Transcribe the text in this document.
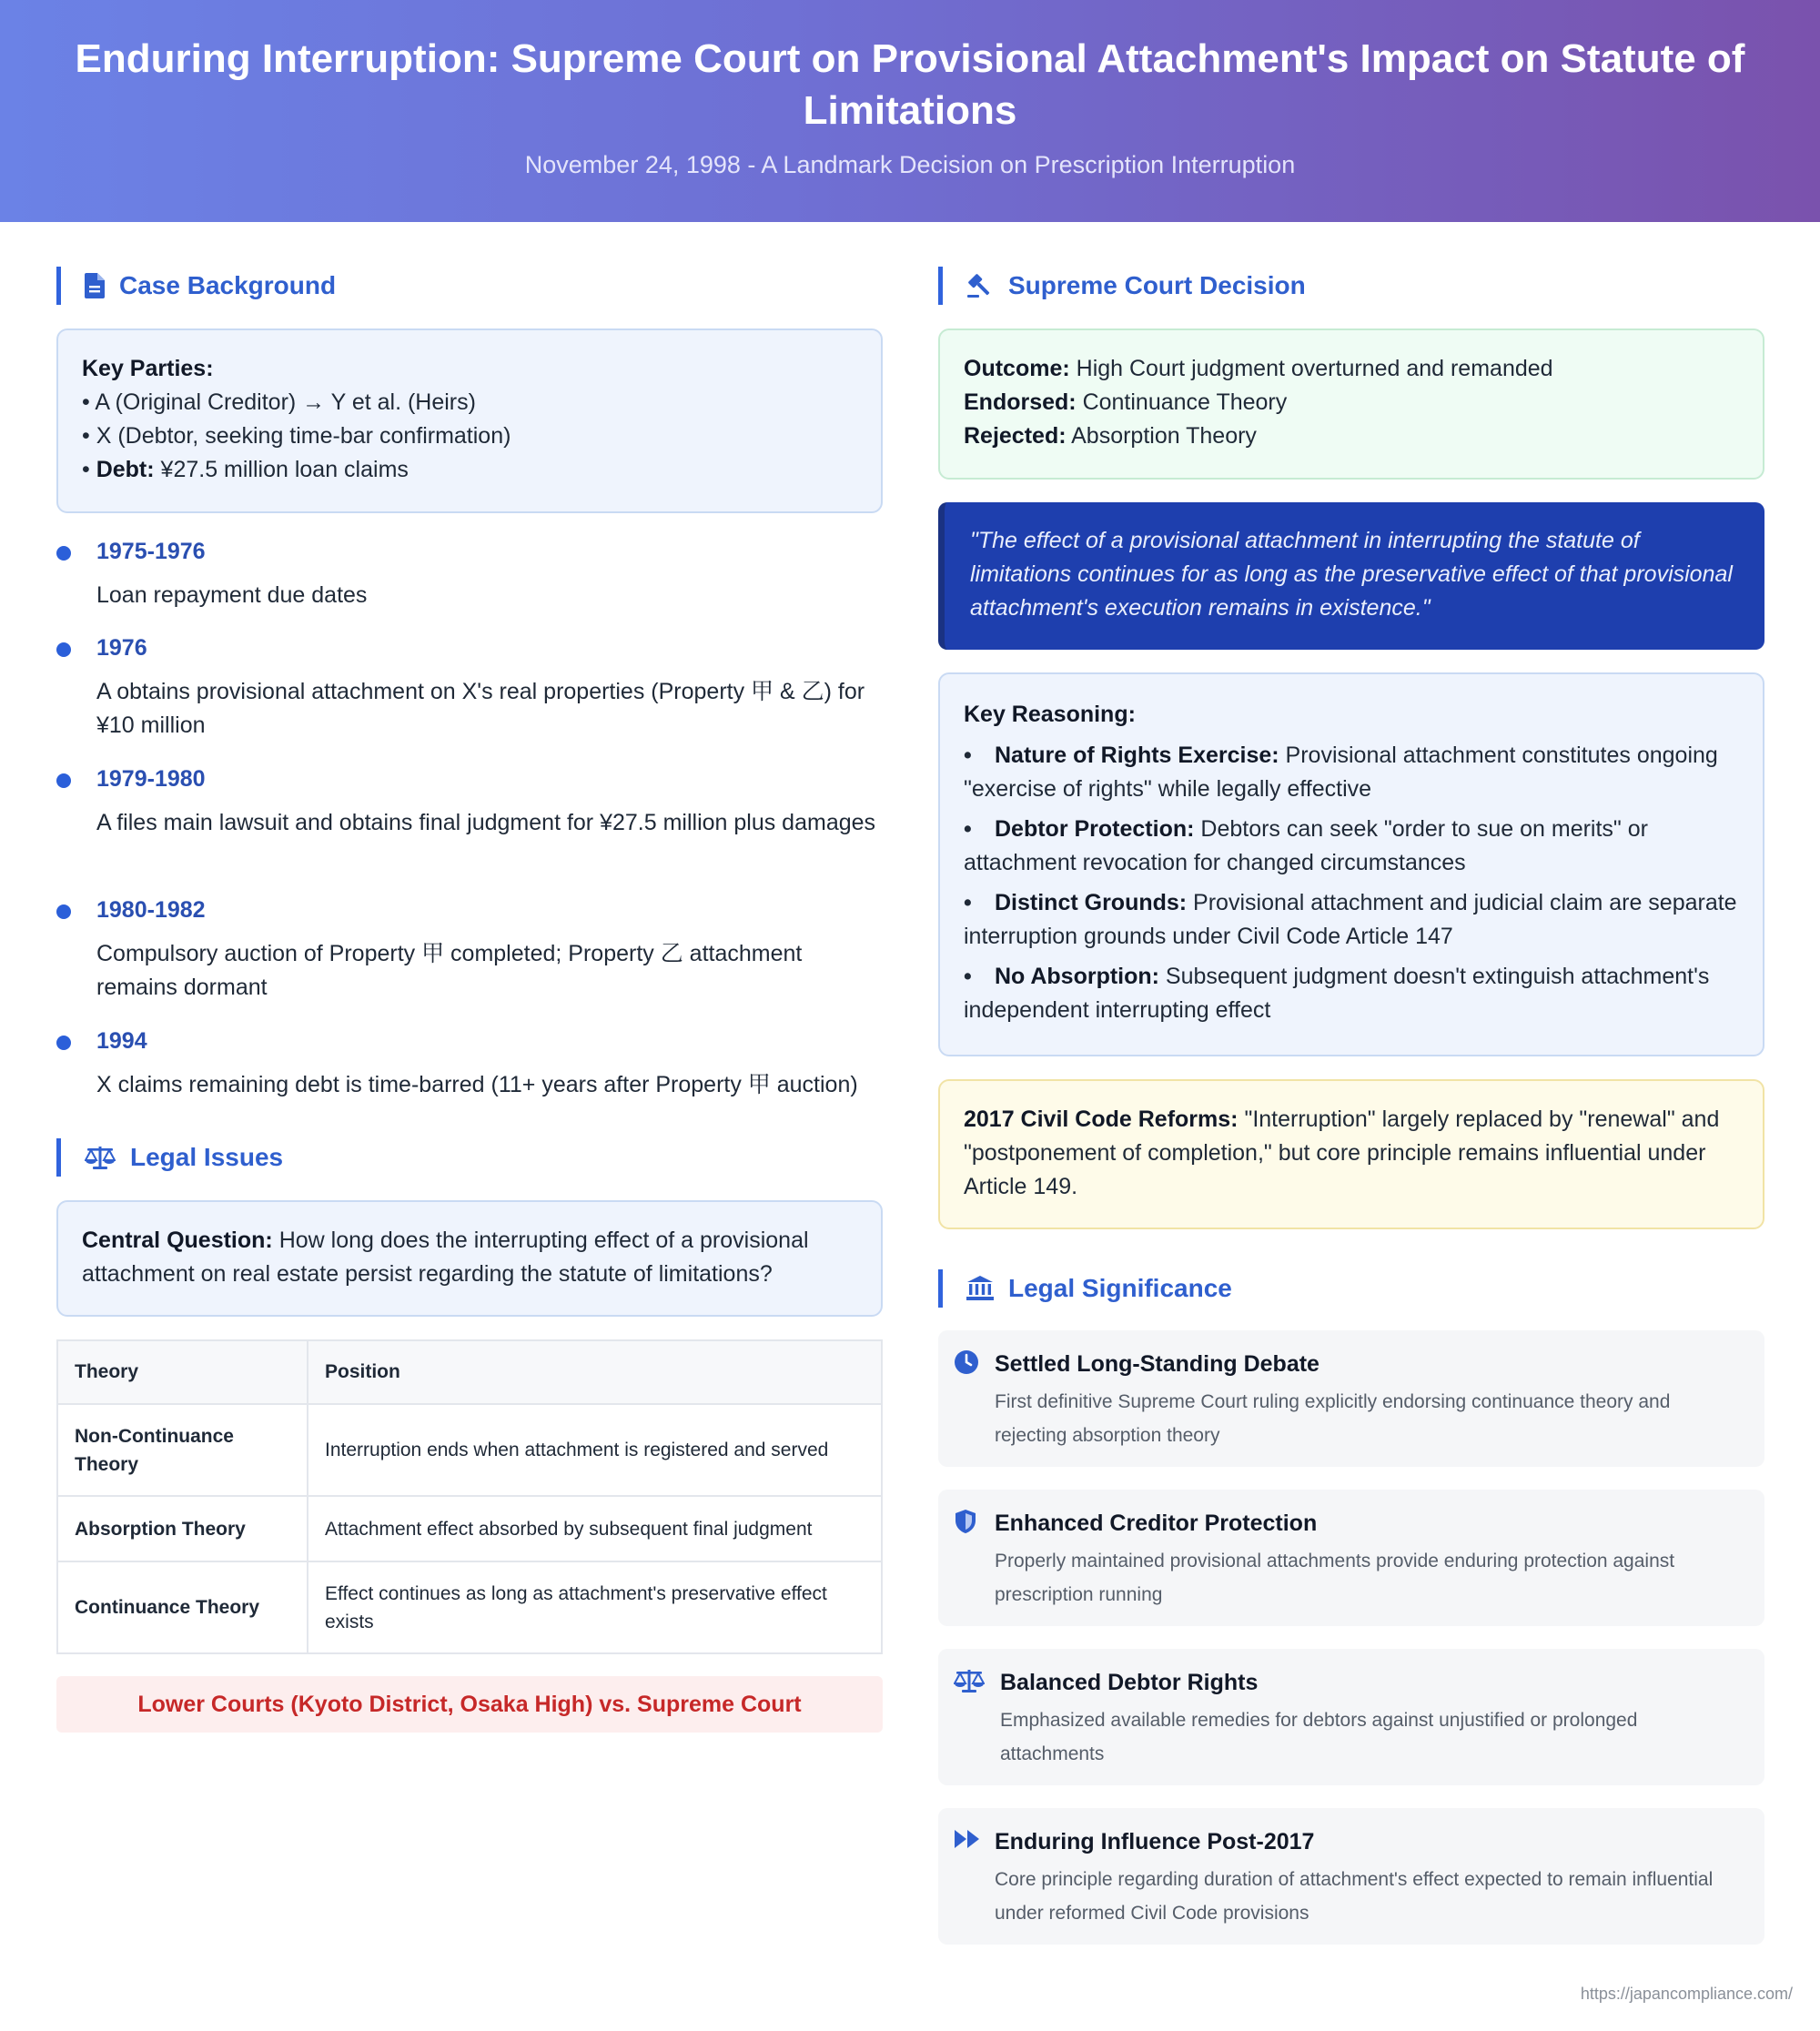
Enduring Interruption: Supreme Court on Provisional Attachment's Impact on Statute of Limitations
November 24, 1998 - A Landmark Decision on Prescription Interruption
Case Background
Key Parties:
• A (Original Creditor) → Y et al. (Heirs)
• X (Debtor, seeking time-bar confirmation)
• Debt: ¥27.5 million loan claims
1975-1976
Loan repayment due dates
1976
A obtains provisional attachment on X's real properties (Property 甲 & 乙) for ¥10 million
1979-1980
A files main lawsuit and obtains final judgment for ¥27.5 million plus damages
1980-1982
Compulsory auction of Property 甲 completed; Property 乙 attachment remains dormant
1994
X claims remaining debt is time-barred (11+ years after Property 甲 auction)
Legal Issues
Central Question: How long does the interrupting effect of a provisional attachment on real estate persist regarding the statute of limitations?
Theory	Position
Non-Continuance Theory	Interruption ends when attachment is registered and served
Absorption Theory	Attachment effect absorbed by subsequent final judgment
Continuance Theory	Effect continues as long as attachment's preservative effect exists
Lower Courts (Kyoto District, Osaka High) vs. Supreme Court
Supreme Court Decision
Outcome: High Court judgment overturned and remanded
Endorsed: Continuance Theory
Rejected: Absorption Theory
"The effect of a provisional attachment in interrupting the statute of limitations continues for as long as the preservative effect of that provisional attachment's execution remains in existence."
Key Reasoning:
• Nature of Rights Exercise: Provisional attachment constitutes ongoing "exercise of rights" while legally effective
• Debtor Protection: Debtors can seek "order to sue on merits" or attachment revocation for changed circumstances
• Distinct Grounds: Provisional attachment and judicial claim are separate interruption grounds under Civil Code Article 147
• No Absorption: Subsequent judgment doesn't extinguish attachment's independent interrupting effect
2017 Civil Code Reforms: "Interruption" largely replaced by "renewal" and "postponement of completion," but core principle remains influential under Article 149.
Legal Significance
Settled Long-Standing Debate
First definitive Supreme Court ruling explicitly endorsing continuance theory and rejecting absorption theory
Enhanced Creditor Protection
Properly maintained provisional attachments provide enduring protection against prescription running
Balanced Debtor Rights
Emphasized available remedies for debtors against unjustified or prolonged attachments
Enduring Influence Post-2017
Core principle regarding duration of attachment's effect expected to remain influential under reformed Civil Code provisions
https://japancompliance.com/
